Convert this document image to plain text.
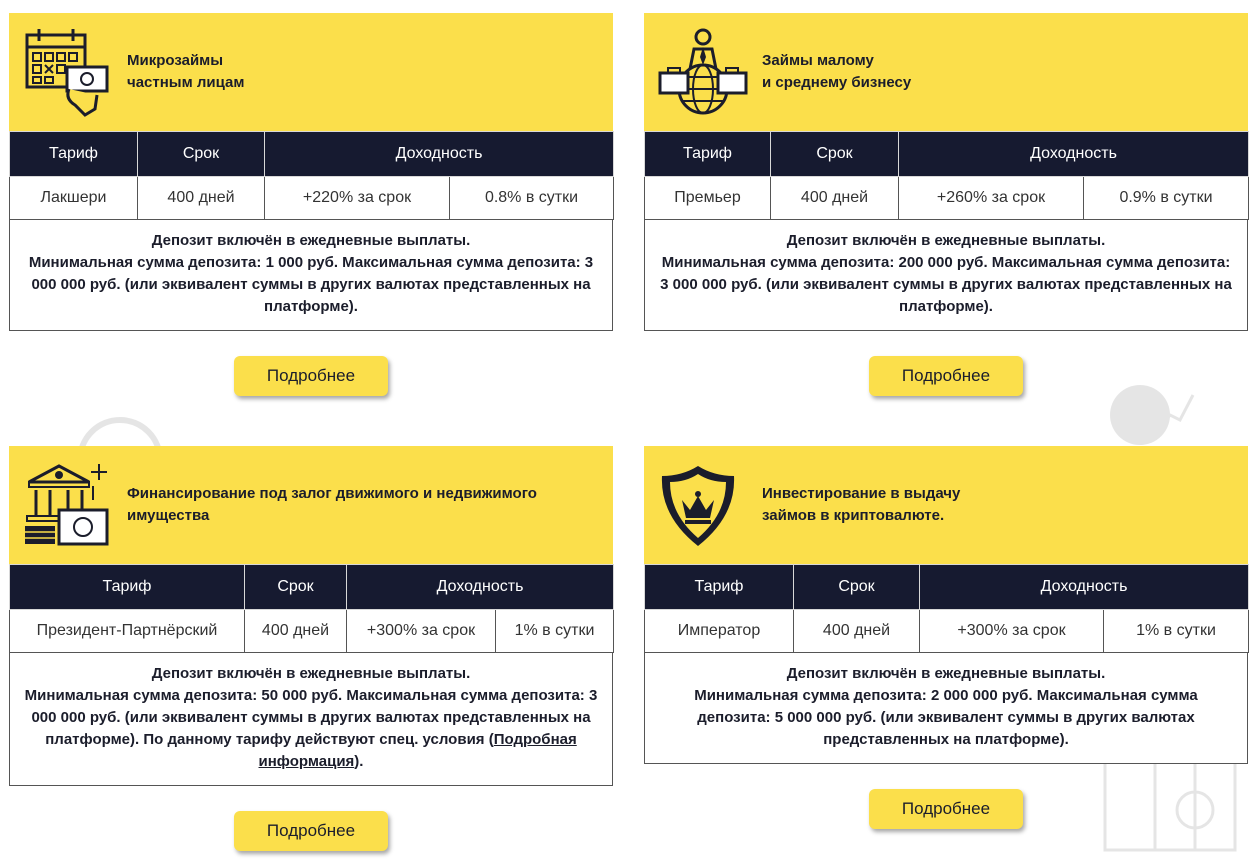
Микрозаймы
частным лицам
Тариф	Срок	Доходность	
Лакшери	400 дней	+220% за срок	0.8% в сутки
Депозит включён в ежедневные выплаты.
Минимальная сумма депозита: 1 000 руб. Максимальная сумма депозита: 3 000 000 руб. (или эквивалент суммы в других валютах представленных на платформе).
Подробнее
Займы малому
и среднему бизнесу
Тариф	Срок	Доходность	
Премьер	400 дней	+260% за срок	0.9% в сутки
Депозит включён в ежедневные выплаты.
Минимальная сумма депозита: 200 000 руб. Максимальная сумма депозита: 3 000 000 руб. (или эквивалент суммы в других валютах представленных на платформе).
Подробнее
Финансирование под залог движимого и недвижимого имущества
Тариф	Срок	Доходность	
Президент-Партнёрский	400 дней	+300% за срок	1% в сутки
Депозит включён в ежедневные выплаты.
Минимальная сумма депозита: 50 000 руб. Максимальная сумма депозита: 3 000 000 руб. (или эквивалент суммы в других валютах представленных на платформе). По данному тарифу действуют спец. условия (Подробная информация).
Подробнее
Инвестирование в выдачу
займов в криптовалюте.
Тариф	Срок	Доходность	
Император	400 дней	+300% за срок	1% в сутки
Депозит включён в ежедневные выплаты.
Минимальная сумма депозита: 2 000 000 руб. Максимальная сумма депозита: 5 000 000 руб. (или эквивалент суммы в других валютах представленных на платформе).
Подробнее
